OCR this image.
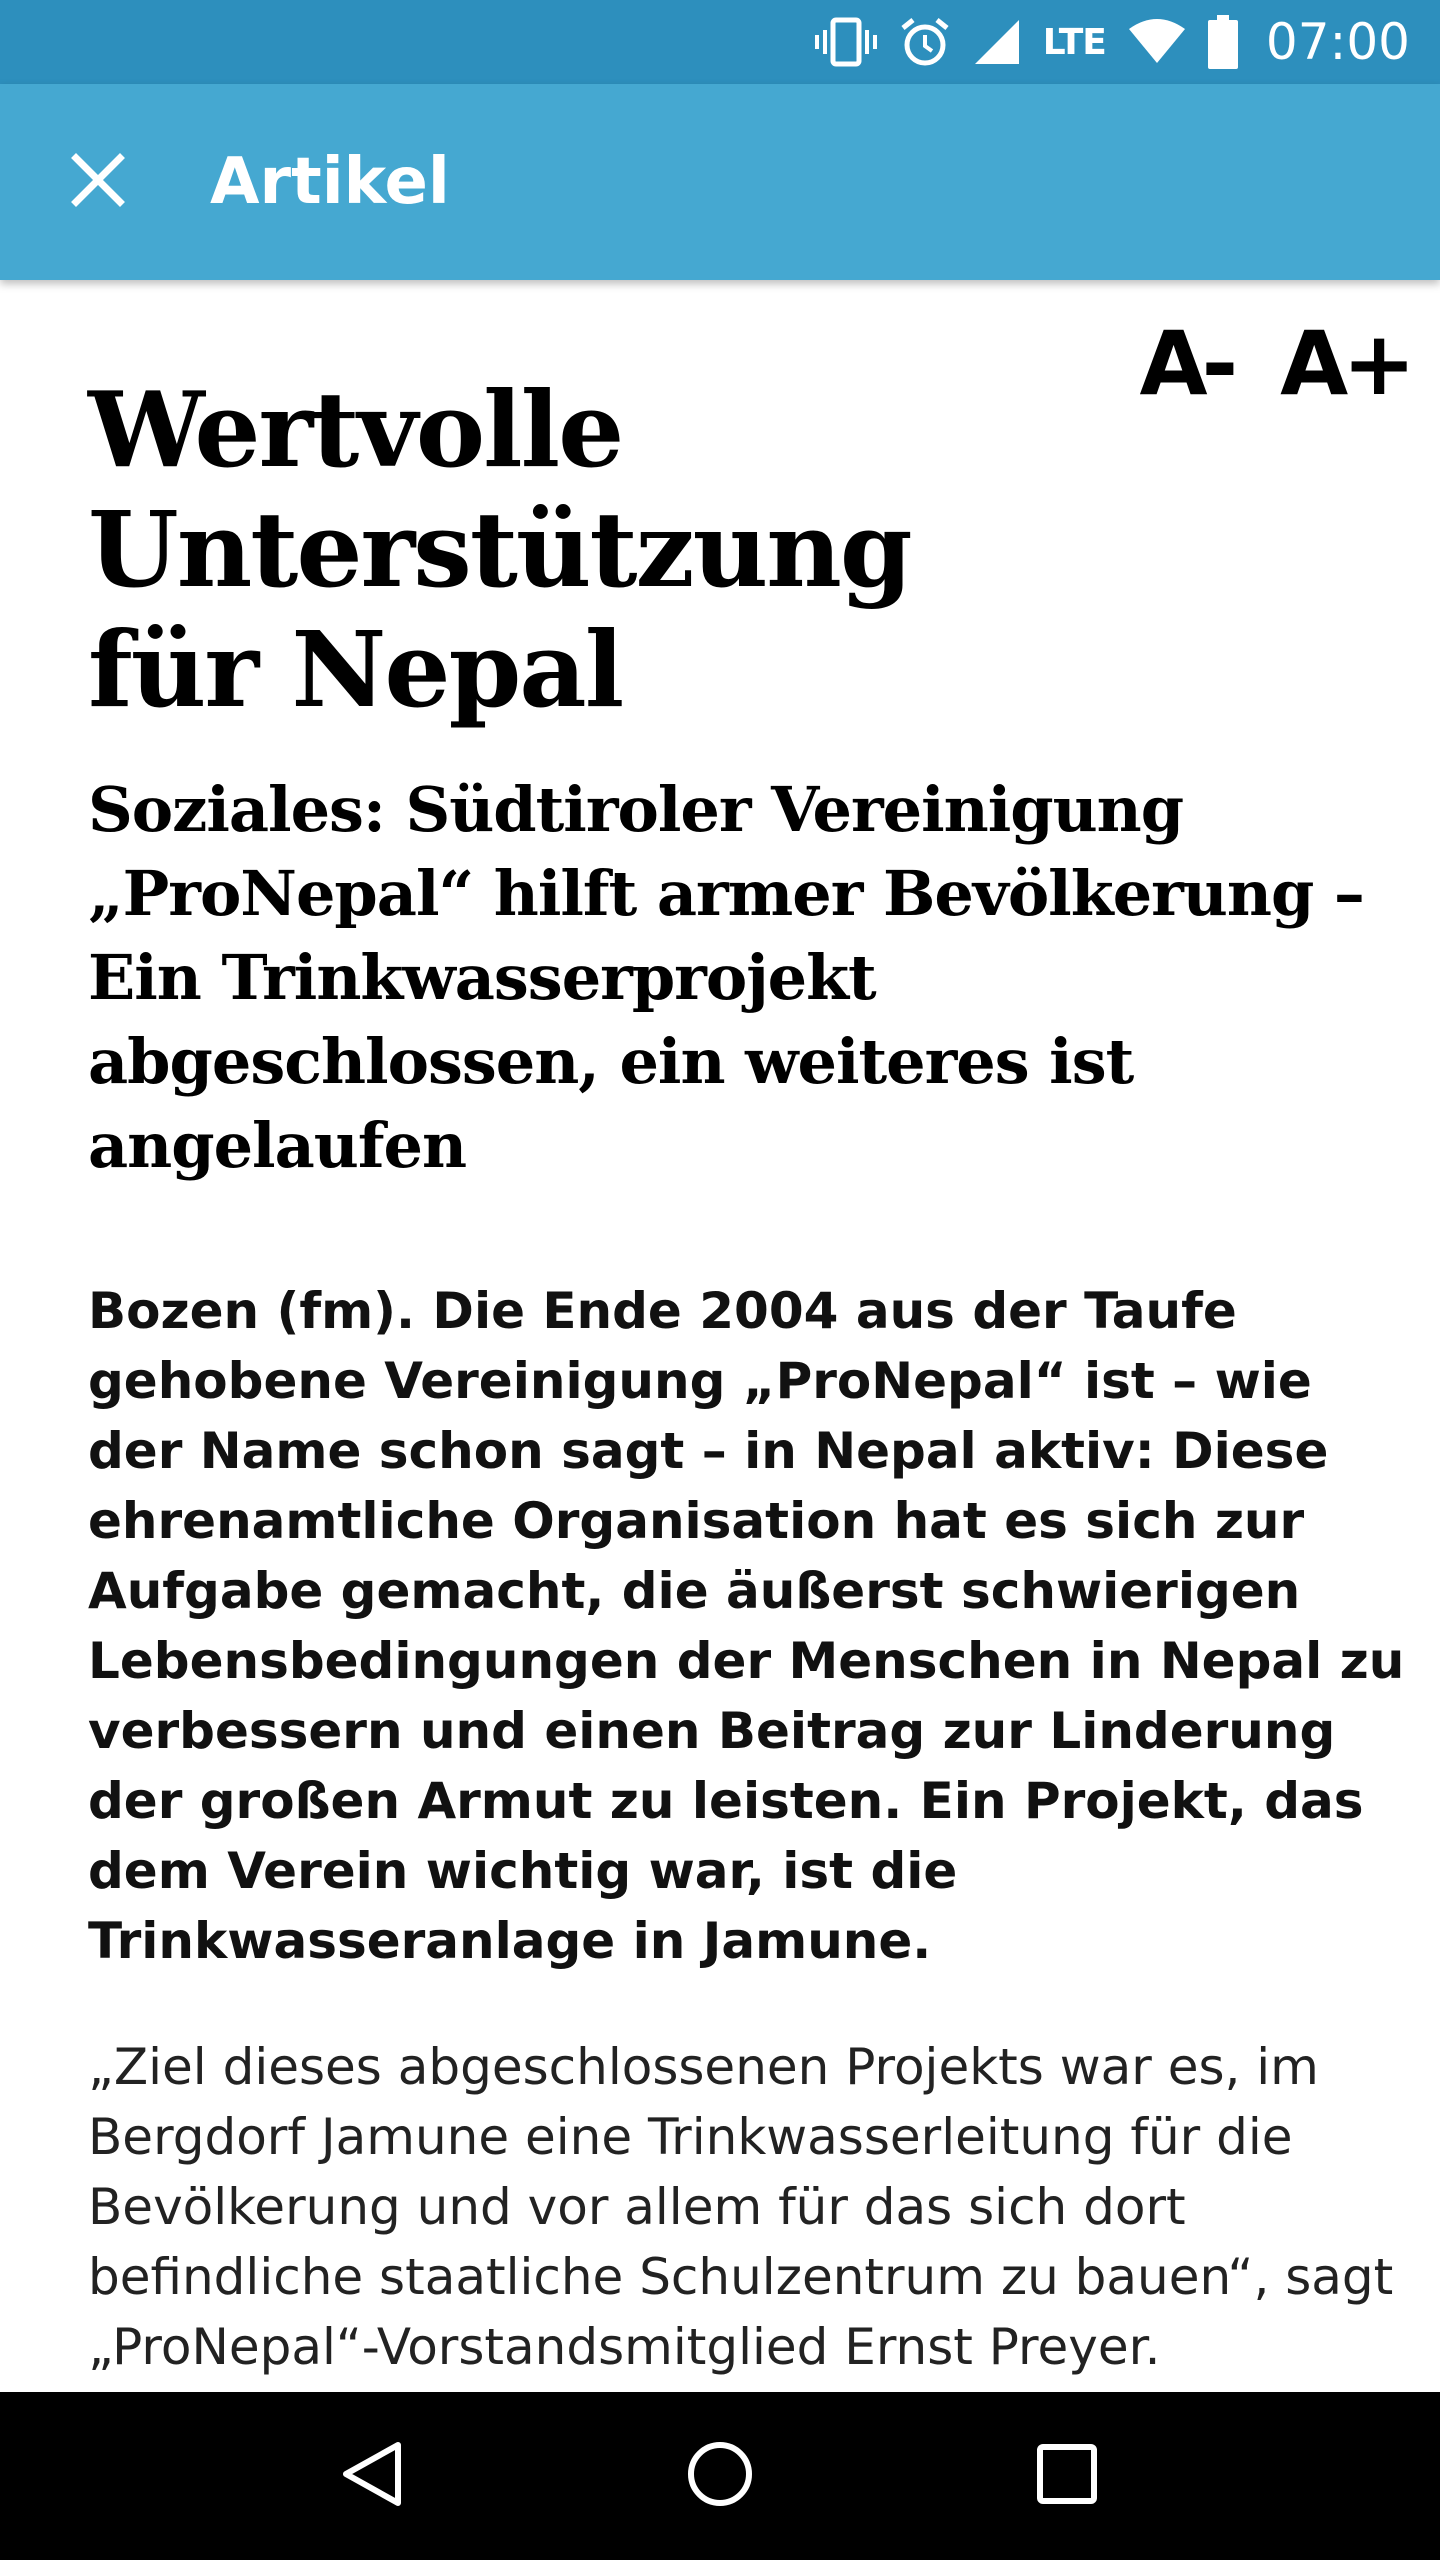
LTE	07:00
Artikel
A- A+
Wertvolle Unterstützung für Nepal
Soziales: Südtiroler Vereinigung „ProNepal“ hilft armer Bevölkerung – Ein Trinkwasserprojekt abgeschlossen, ein weiteres ist angelaufen

Bozen (fm). Die Ende 2004 aus der Taufe gehobene Vereinigung „ProNepal“ ist – wie der Name schon sagt – in Nepal aktiv: Diese ehrenamtliche Organisation hat es sich zur Aufgabe gemacht, die äußerst schwierigen Lebensbedingungen der Menschen in Nepal zu verbessern und einen Beitrag zur Linderung der großen Armut zu leisten. Ein Projekt, das dem Verein wichtig war, ist die Trinkwasseranlage in Jamune.

„Ziel dieses abgeschlossenen Projekts war es, im Bergdorf Jamune eine Trinkwasserleitung für die Bevölkerung und vor allem für das sich dort befindliche staatliche Schulzentrum zu bauen“, sagt „ProNepal“-Vorstandsmitglied Ernst Preyer.
